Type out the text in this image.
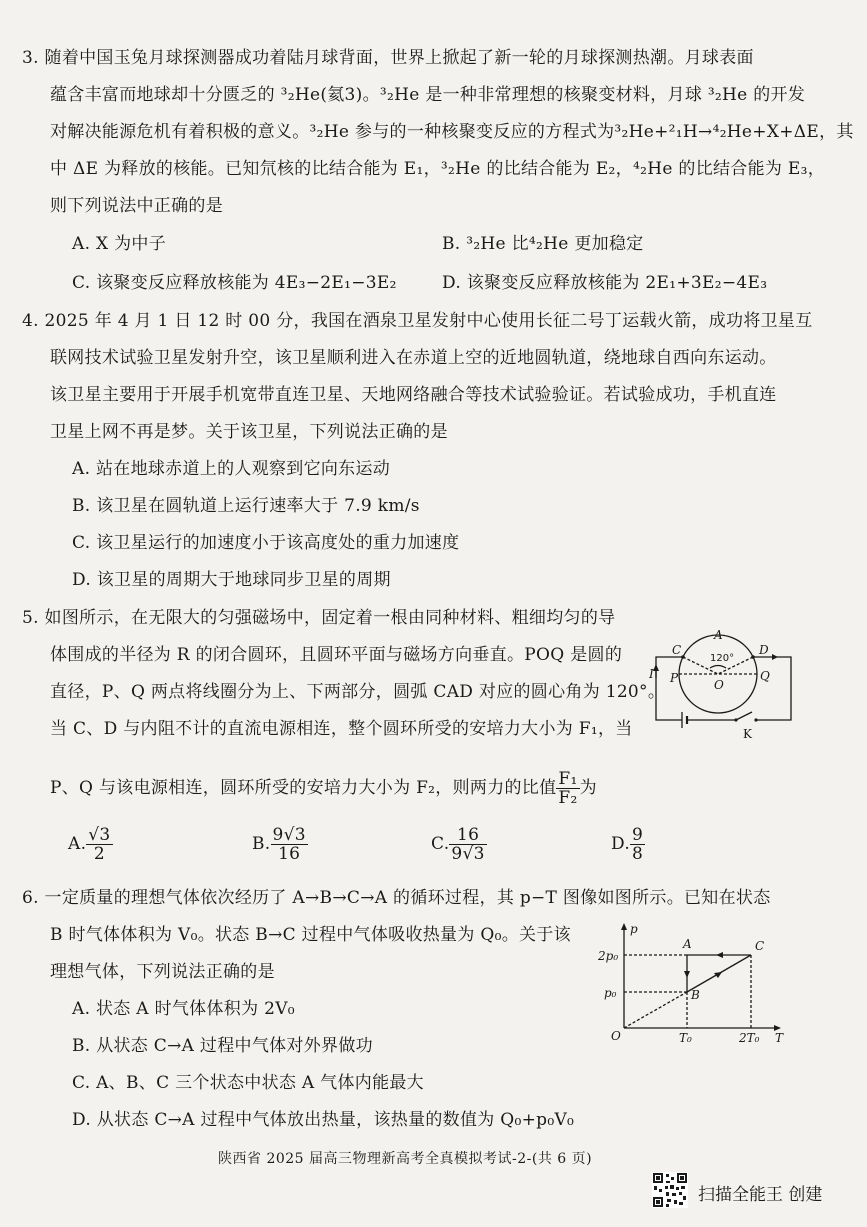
3. 随着中国玉兔月球探测器成功着陆月球背面，世界上掀起了新一轮的月球探测热潮。月球表面
蕴含丰富而地球却十分匮乏的 ³₂He(氦3)。³₂He 是一种非常理想的核聚变材料，月球 ³₂He 的开发
对解决能源危机有着积极的意义。³₂He 参与的一种核聚变反应的方程式为³₂He+²₁H→⁴₂He+X+ΔE，其
中 ΔE 为释放的核能。已知氘核的比结合能为 E₁，³₂He 的比结合能为 E₂，⁴₂He 的比结合能为 E₃，
则下列说法中正确的是
A. X 为中子	B. ³₂He 比⁴₂He 更加稳定
C. 该聚变反应释放核能为 4E₃−2E₁−3E₂	D. 该聚变反应释放核能为 2E₁+3E₂−4E₃
4. 2025 年 4 月 1 日 12 时 00 分，我国在酒泉卫星发射中心使用长征二号丁运载火箭，成功将卫星互
联网技术试验卫星发射升空，该卫星顺利进入在赤道上空的近地圆轨道，绕地球自西向东运动。
该卫星主要用于开展手机宽带直连卫星、天地网络融合等技术试验验证。若试验成功，手机直连
卫星上网不再是梦。关于该卫星，下列说法正确的是
A. 站在地球赤道上的人观察到它向东运动
B. 该卫星在圆轨道上运行速率大于 7.9 km/s
C. 该卫星运行的加速度小于该高度处的重力加速度
D. 该卫星的周期大于地球同步卫星的周期
5. 如图所示，在无限大的匀强磁场中，固定着一根由同种材料、粗细均匀的导
体围成的半径为 R 的闭合圆环，且圆环平面与磁场方向垂直。POQ 是圆的
直径，P、Q 两点将线圈分为上、下两部分，圆弧 CAD 对应的圆心角为 120°。
当 C、D 与内阻不计的直流电源相连，整个圆环所受的安培力大小为 F₁，当
P、Q 与该电源相连，圆环所受的安培力大小为 F₂，则两力的比值 $\frac{\text{F₁}}{\text{F₂}}$ 为
A. $\frac{√3}{2}$	B. $\frac{9√3}{16}$	C. $\frac{16}{9√3}$	D. $\frac{9}{8}$
A
C	D
I P	Q
O
K
120°
6. 一定质量的理想气体依次经历了 A→B→C→A 的循环过程，其 p−T 图像如图所示。已知在状态
B 时气体体积为 V₀。状态 B→C 过程中气体吸收热量为 Q₀。关于该
理想气体，下列说法正确的是
A. 状态 A 时气体体积为 2V₀
B. 从状态 C→A 过程中气体对外界做功
C. A、B、C 三个状态中状态 A 气体内能最大
D. 从状态 C→A 过程中气体放出热量，该热量的数值为 Q₀+p₀V₀
p
T
O
2p₀
p₀
T₀	2T₀
A
B
C
陕西省 2025 届高三物理新高考全真模拟考试-2-(共 6 页)
扫描全能王 创建
